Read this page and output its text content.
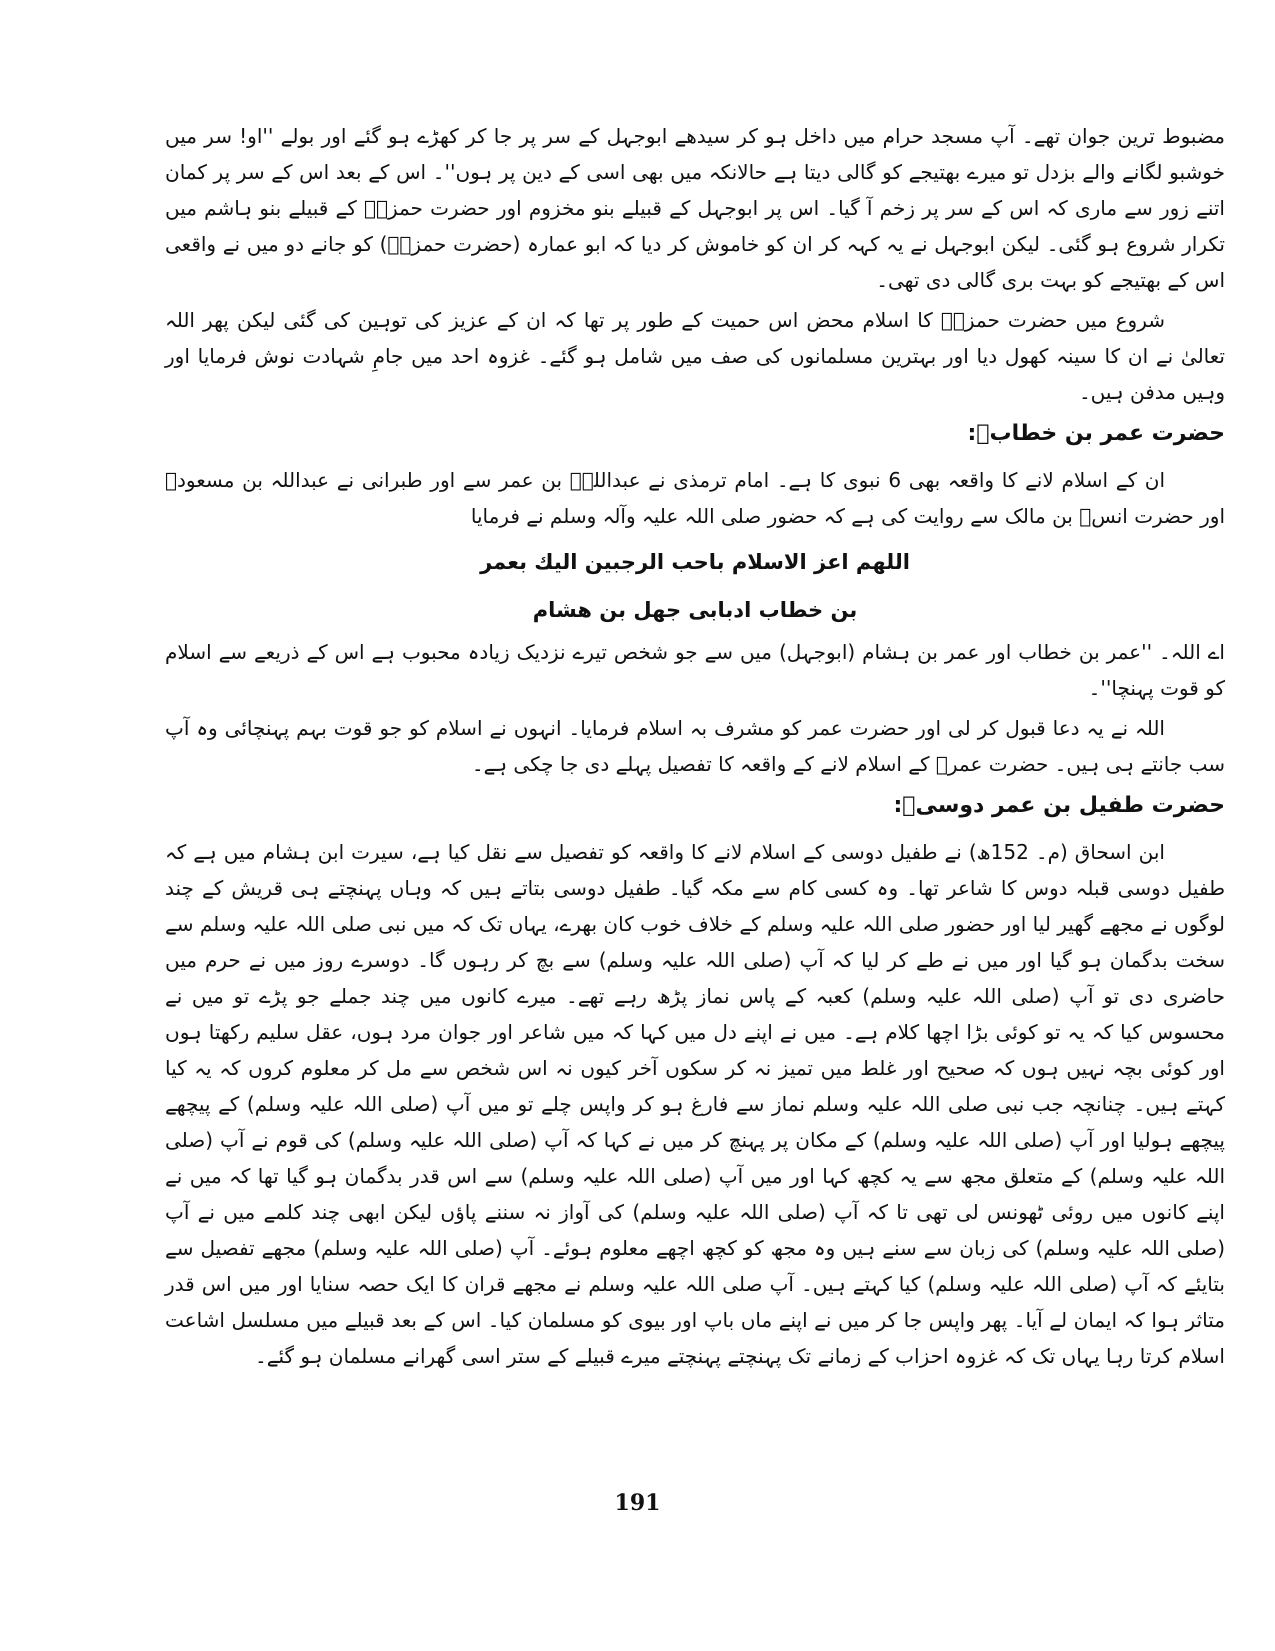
مضبوط ترین جوان تھے۔ آپ مسجد حرام میں داخل ہو کر سیدھے ابوجہل کے سر پر جا کر کھڑے ہو گئے اور بولے ''او! سر میں خوشبو لگانے والے بزدل تو میرے بھتیجے کو گالی دیتا ہے حالانکہ میں بھی اسی کے دین پر ہوں''۔ اس کے بعد اس کے سر پر کمان اتنے زور سے ماری کہ اس کے سر پر زخم آ گیا۔ اس پر ابوجہل کے قبیلے بنو مخزوم اور حضرت حمزہؓ کے قبیلے بنو ہاشم میں تکرار شروع ہو گئی۔ لیکن ابوجہل نے یہ کہہ کر ان کو خاموش کر دیا کہ ابو عمارہ (حضرت حمزہؓ) کو جانے دو میں نے واقعی اس کے بھتیجے کو بہت بری گالی دی تھی۔

شروع میں حضرت حمزہؓ کا اسلام محض اس حمیت کے طور پر تھا کہ ان کے عزیز کی توہین کی گئی لیکن پھر اللہ تعالیٰ نے ان کا سینہ کھول دیا اور بہترین مسلمانوں کی صف میں شامل ہو گئے۔ غزوہ احد میں جامِ شہادت نوش فرمایا اور وہیں مدفن ہیں۔

حضرت عمر بن خطابؓ:

ان کے اسلام لانے کا واقعہ بھی 6 نبوی کا ہے۔ امام ترمذی نے عبداللہؓ بن عمر سے اور طبرانی نے عبداللہ بن مسعودؓ اور حضرت انسؓ بن مالک سے روایت کی ہے کہ حضور صلی اللہ علیہ وآلہ وسلم نے فرمایا

اللھم اعز الاسلام باحب الرجبین الیك بعمر
بن خطاب ادبابی جھل بن ھشام

اے اللہ۔ ''عمر بن خطاب اور عمر بن ہشام (ابوجہل) میں سے جو شخص تیرے نزدیک زیادہ محبوب ہے اس کے ذریعے سے اسلام کو قوت پہنچا''۔

اللہ نے یہ دعا قبول کر لی اور حضرت عمر کو مشرف بہ اسلام فرمایا۔ انہوں نے اسلام کو جو قوت بہم پہنچائی وہ آپ سب جانتے ہی ہیں۔ حضرت عمرؓ کے اسلام لانے کے واقعہ کا تفصیل پہلے دی جا چکی ہے۔

حضرت طفیل بن عمر دوسیؓ:

ابن اسحاق (م۔ 152ھ) نے طفیل دوسی کے اسلام لانے کا واقعہ کو تفصیل سے نقل کیا ہے، سیرت ابن ہشام میں ہے کہ طفیل دوسی قبلہ دوس کا شاعر تھا۔ وہ کسی کام سے مکہ گیا۔ طفیل دوسی بتاتے ہیں کہ وہاں پہنچتے ہی قریش کے چند لوگوں نے مجھے گھیر لیا اور حضور صلی اللہ علیہ وسلم کے خلاف خوب کان بھرے، یہاں تک کہ میں نبی صلی اللہ علیہ وسلم سے سخت بدگمان ہو گیا اور میں نے طے کر لیا کہ آپ (صلی اللہ علیہ وسلم) سے بچ کر رہوں گا۔ دوسرے روز میں نے حرم میں حاضری دی تو آپ (صلی اللہ علیہ وسلم) کعبہ کے پاس نماز پڑھ رہے تھے۔ میرے کانوں میں چند جملے جو پڑے تو میں نے محسوس کیا کہ یہ تو کوئی بڑا اچھا کلام ہے۔ میں نے اپنے دل میں کہا کہ میں شاعر اور جوان مرد ہوں، عقل سلیم رکھتا ہوں اور کوئی بچہ نہیں ہوں کہ صحیح اور غلط میں تمیز نہ کر سکوں آخر کیوں نہ اس شخص سے مل کر معلوم کروں کہ یہ کیا کہتے ہیں۔ چنانچہ جب نبی صلی اللہ علیہ وسلم نماز سے فارغ ہو کر واپس چلے تو میں آپ (صلی اللہ علیہ وسلم) کے پیچھے پیچھے ہولیا اور آپ (صلی اللہ علیہ وسلم) کے مکان پر پہنچ کر میں نے کہا کہ آپ (صلی اللہ علیہ وسلم) کی قوم نے آپ (صلی اللہ علیہ وسلم) کے متعلق مجھ سے یہ کچھ کہا اور میں آپ (صلی اللہ علیہ وسلم) سے اس قدر بدگمان ہو گیا تھا کہ میں نے اپنے کانوں میں روئی ٹھونس لی تھی تا کہ آپ (صلی اللہ علیہ وسلم) کی آواز نہ سننے پاؤں لیکن ابھی چند کلمے میں نے آپ (صلی اللہ علیہ وسلم) کی زبان سے سنے ہیں وہ مجھ کو کچھ اچھے معلوم ہوئے۔ آپ (صلی اللہ علیہ وسلم) مجھے تفصیل سے بتایئے کہ آپ (صلی اللہ علیہ وسلم) کیا کہتے ہیں۔ آپ صلی اللہ علیہ وسلم نے مجھے قران کا ایک حصہ سنایا اور میں اس قدر متاثر ہوا کہ ایمان لے آیا۔ پھر واپس جا کر میں نے اپنے ماں باپ اور بیوی کو مسلمان کیا۔ اس کے بعد قبیلے میں مسلسل اشاعت اسلام کرتا رہا یہاں تک کہ غزوہ احزاب کے زمانے تک پہنچتے پہنچتے میرے قبیلے کے ستر اسی گھرانے مسلمان ہو گئے۔

191
